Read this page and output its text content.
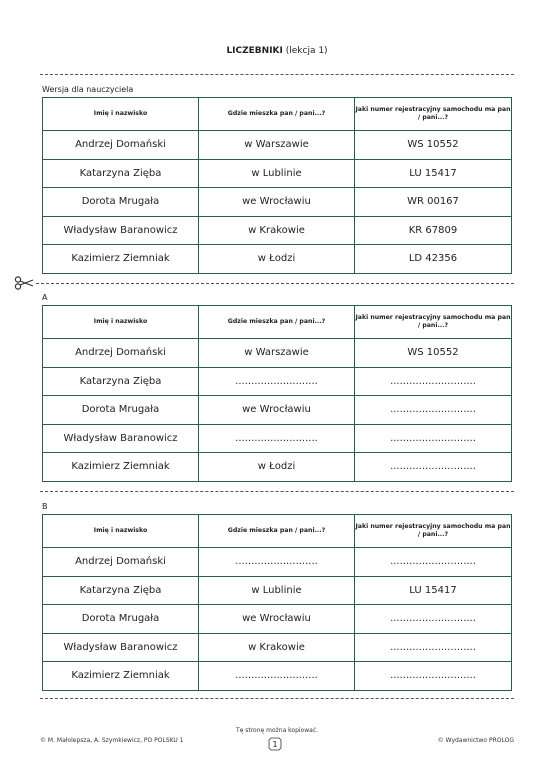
LICZEBNIKI (lekcja 1)
Wersja dla nauczyciela
Imię i nazwisko	Gdzie mieszka pan / pani...?	Jaki numer rejestracyjny samochodu ma pan / pani...?
Andrzej Domański	w Warszawie	WS 10552
Katarzyna Zięba	w Lublinie	LU 15417
Dorota Mrugała	we Wrocławiu	WR 00167
Władysław Baranowicz	w Krakowie	KR 67809
Kazimierz Ziemniak	w Łodzi	LD 42356
A
Imię i nazwisko	Gdzie mieszka pan / pani...?	Jaki numer rejestracyjny samochodu ma pan / pani...?
Andrzej Domański	w Warszawie	WS 10552
Katarzyna Zięba	..........................	...........................
Dorota Mrugała	we Wrocławiu	...........................
Władysław Baranowicz	..........................	...........................
Kazimierz Ziemniak	w Łodzi	...........................
B
Imię i nazwisko	Gdzie mieszka pan / pani...?	Jaki numer rejestracyjny samochodu ma pan / pani...?
Andrzej Domański	..........................	...........................
Katarzyna Zięba	w Lublinie	LU 15417
Dorota Mrugała	we Wrocławiu	...........................
Władysław Baranowicz	w Krakowie	...........................
Kazimierz Ziemniak	..........................	...........................
Tę stronę można kopiować.
© M. Małolepsza, A. Szymkiewicz, PO POLSKU 1	1	© Wydawnictwo PROLOG
